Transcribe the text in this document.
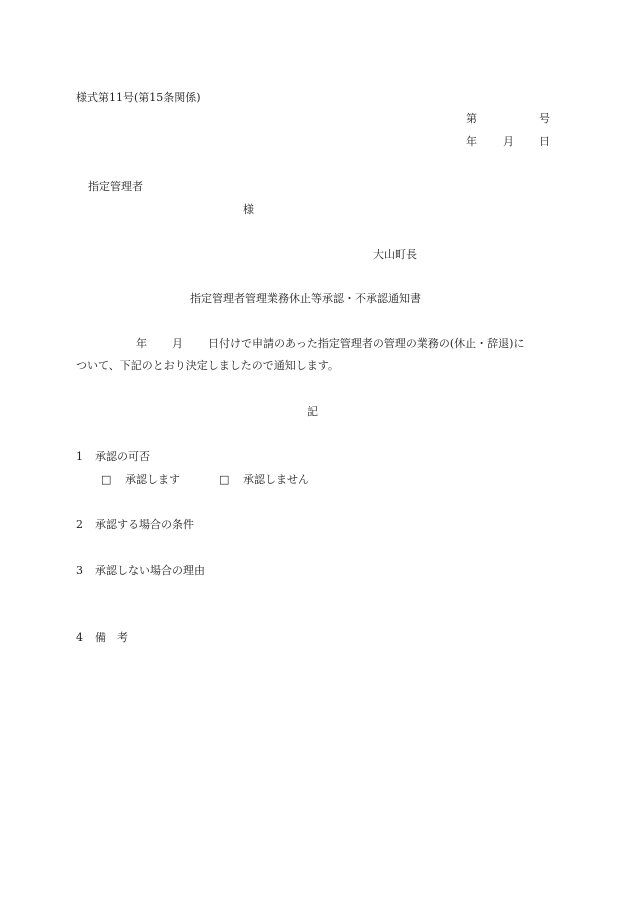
様式第11号(第15条関係)
第	号
年 月 日
指定管理者
様
大山町長
指定管理者管理業務休止等承認・不承認通知書
年 月 日付けで申請のあった指定管理者の管理の業務の(休止・辞退)に
ついて、下記のとおり決定しましたので通知します。
記
1 承認の可否
□ 承認します	□ 承認しません
2 承認する場合の条件
3 承認しない場合の理由
4 備　考
